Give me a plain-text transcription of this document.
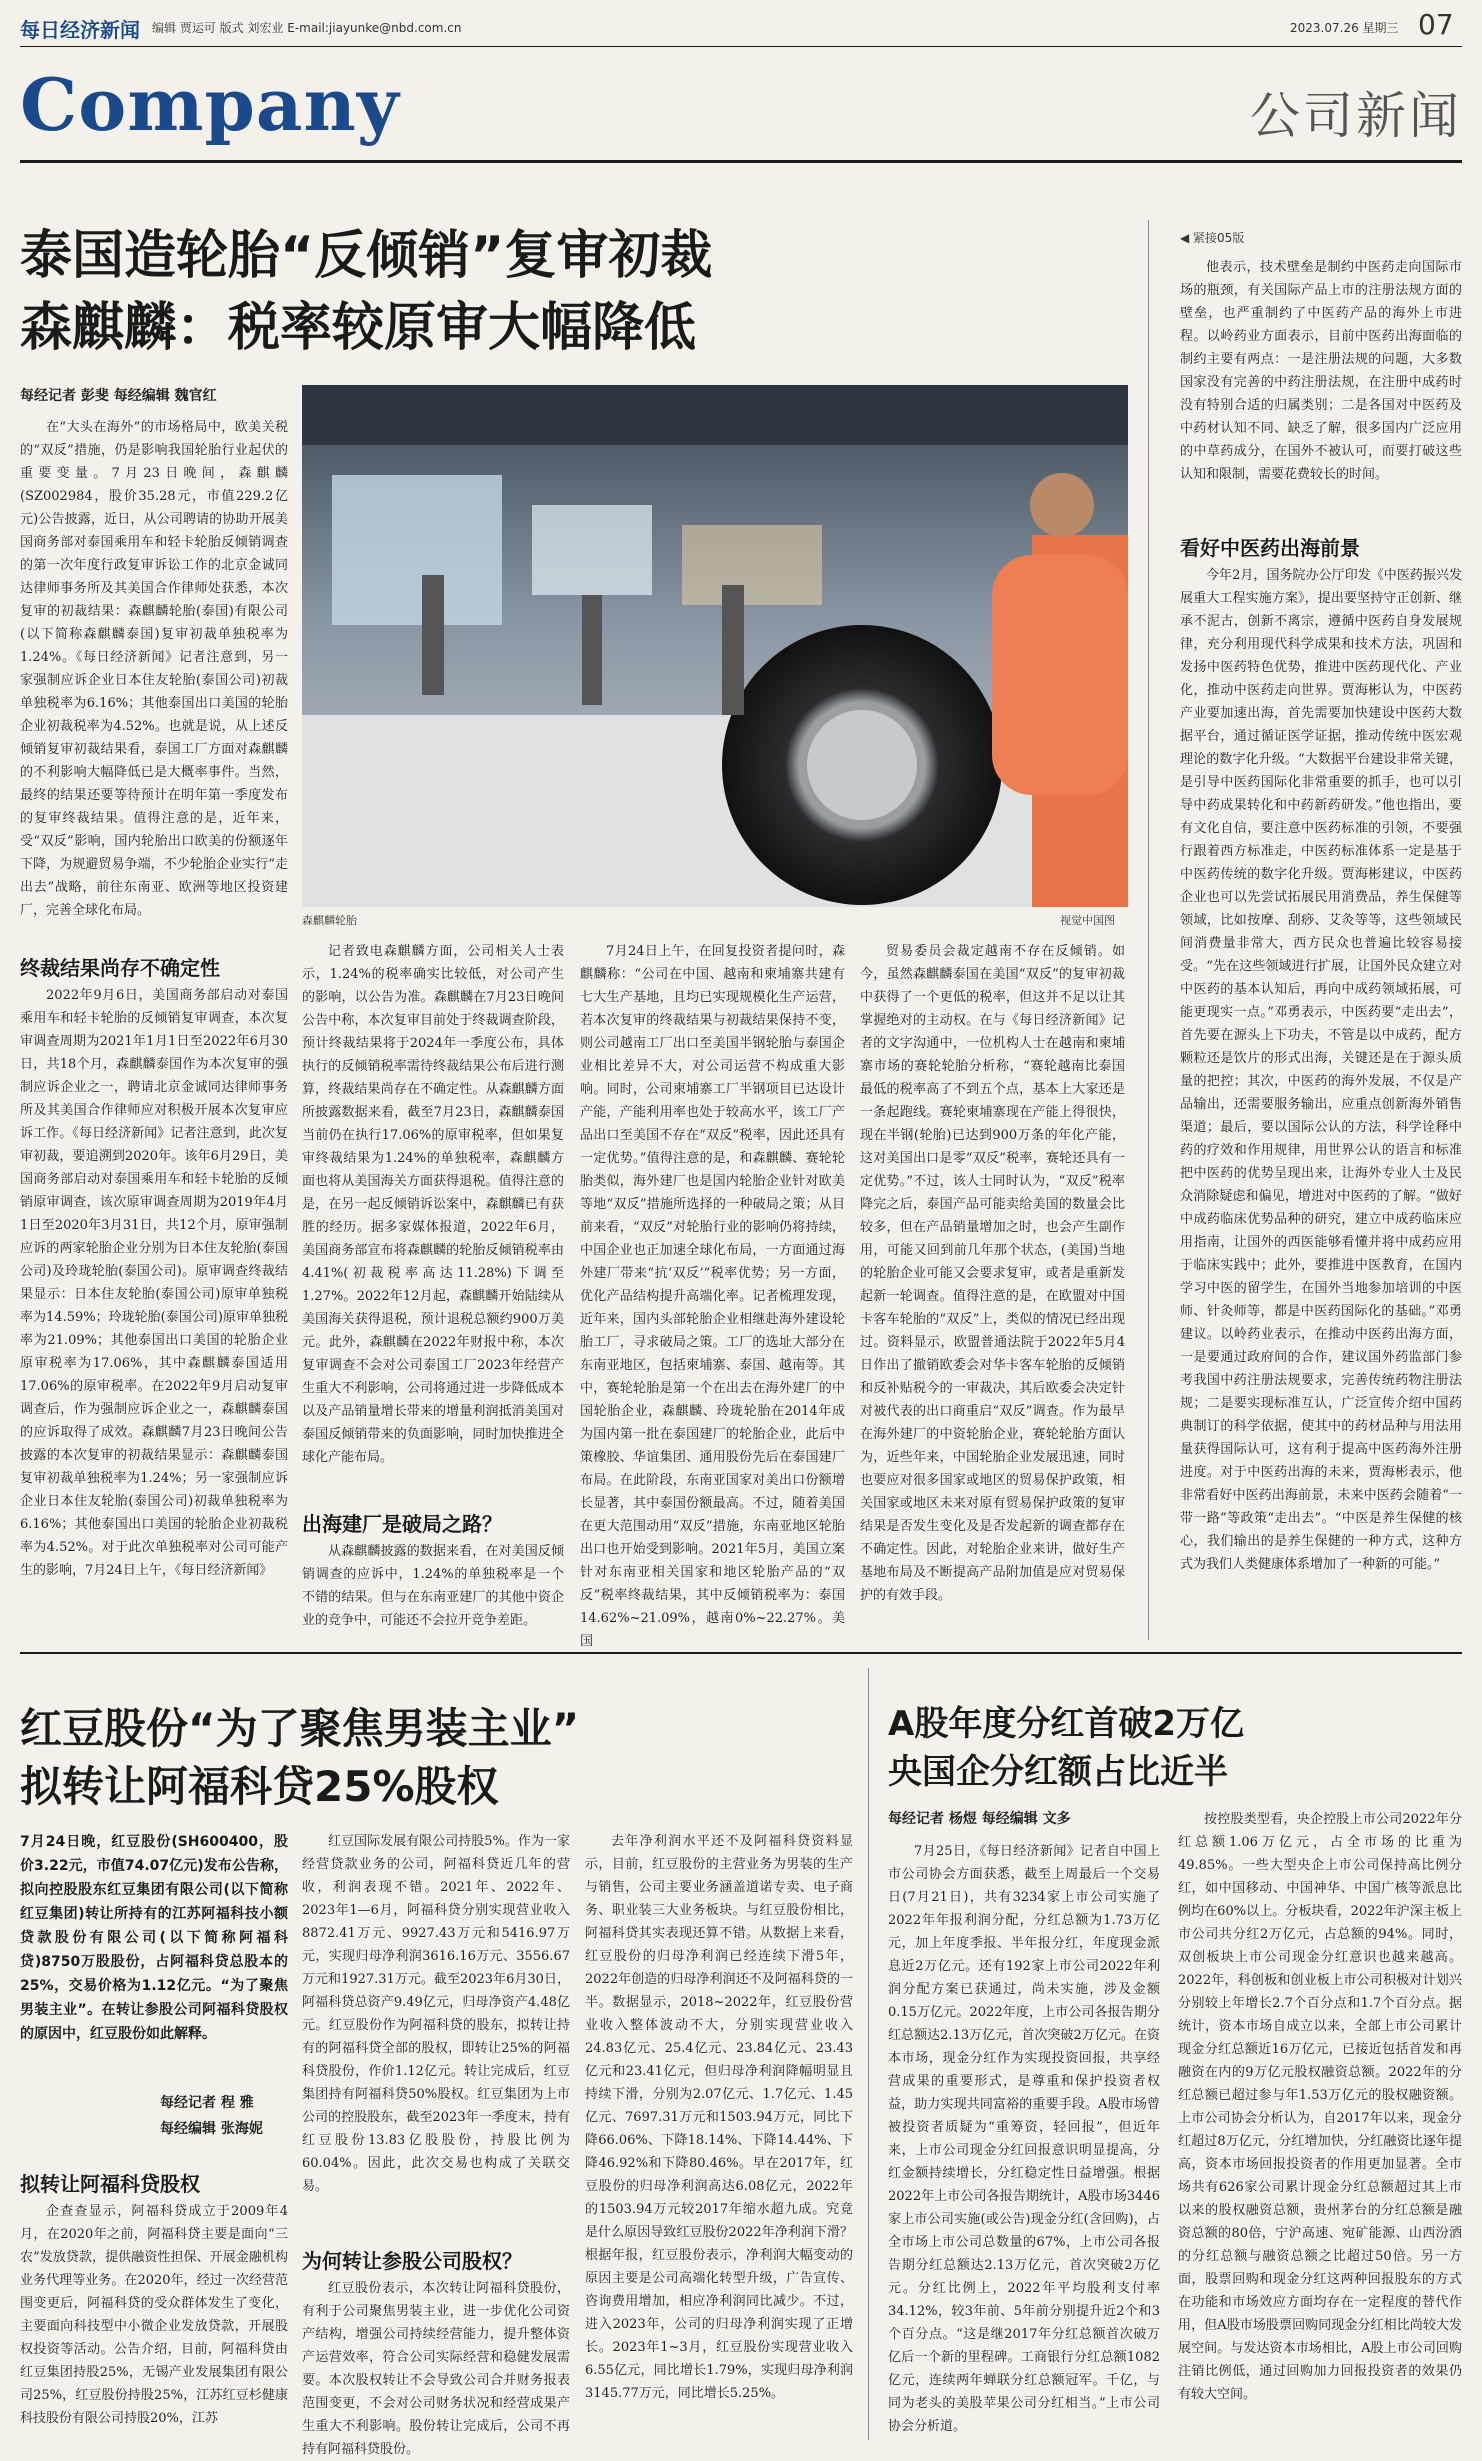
每日经济新闻 编辑 贾运可 版式 刘宏业 E-mail:jiayunke@nbd.com.cn	2023.07.26 星期三 07
Company	公司新闻
泰国造轮胎“反倾销”复审初裁
森麒麟：税率较原审大幅降低
每经记者 彭斐 每经编辑 魏官红
森麒麟轮胎	视觉中国图

在“大头在海外”的市场格局中，欧美关税的“双反”措施，仍是影响我国轮胎行业起伏的重要变量。7月23日晚间，森麒麟(SZ002984，股价35.28元，市值229.2亿元)公告披露，近日，从公司聘请的协助开展美国商务部对泰国乘用车和轻卡轮胎反倾销调查的第一次年度行政复审诉讼工作的北京金诚同达律师事务所及其美国合作律师处获悉，本次复审的初裁结果：森麒麟轮胎(泰国)有限公司(以下简称森麒麟泰国)复审初裁单独税率为1.24%。《每日经济新闻》记者注意到，另一家强制应诉企业日本住友轮胎(泰国公司)初裁单独税率为6.16%；其他泰国出口美国的轮胎企业初裁税率为4.52%。也就是说，从上述反倾销复审初裁结果看，泰国工厂方面对森麒麟的不利影响大幅降低已是大概率事件。当然，最终的结果还要等待预计在明年第一季度发布的复审终裁结果。值得注意的是，近年来，受“双反”影响，国内轮胎出口欧美的份额逐年下降，为规避贸易争端，不少轮胎企业实行“走出去”战略，前往东南亚、欧洲等地区投资建厂，完善全球化布局。

终裁结果尚存不确定性

2022年9月6日，美国商务部启动对泰国乘用车和轻卡轮胎的反倾销复审调查，本次复审调查周期为2021年1月1日至2022年6月30日，共18个月，森麒麟泰国作为本次复审的强制应诉企业之一，聘请北京金诚同达律师事务所及其美国合作律师应对积极开展本次复审应诉工作。《每日经济新闻》记者注意到，此次复审初裁，要追溯到2020年。该年6月29日，美国商务部启动对泰国乘用车和轻卡轮胎的反倾销原审调查，该次原审调查周期为2019年4月1日至2020年3月31日，共12个月，原审强制应诉的两家轮胎企业分别为日本住友轮胎(泰国公司)及玲珑轮胎(泰国公司)。原审调查终裁结果显示：日本住友轮胎(泰国公司)原审单独税率为14.59%；玲珑轮胎(泰国公司)原审单独税率为21.09%；其他泰国出口美国的轮胎企业原审税率为17.06%，其中森麒麟泰国适用17.06%的原审税率。在2022年9月启动复审调查后，作为强制应诉企业之一，森麒麟泰国的应诉取得了成效。森麒麟7月23日晚间公告披露的本次复审的初裁结果显示：森麒麟泰国复审初裁单独税率为1.24%；另一家强制应诉企业日本住友轮胎(泰国公司)初裁单独税率为6.16%；其他泰国出口美国的轮胎企业初裁税率为4.52%。对于此次单独税率对公司可能产生的影响，7月24日上午，《每日经济新闻》

记者致电森麒麟方面，公司相关人士表示，1.24%的税率确实比较低，对公司产生的影响，以公告为准。森麒麟在7月23日晚间公告中称，本次复审目前处于终裁调查阶段，预计终裁结果将于2024年一季度公布，具体执行的反倾销税率需待终裁结果公布后进行测算，终裁结果尚存在不确定性。从森麒麟方面所披露数据来看，截至7月23日，森麒麟泰国当前仍在执行17.06%的原审税率，但如果复审终裁结果为1.24%的单独税率，森麒麟方面也将从美国海关方面获得退税。值得注意的是，在另一起反倾销诉讼案中，森麒麟已有获胜的经历。据多家媒体报道，2022年6月，美国商务部宣布将森麒麟的轮胎反倾销税率由4.41%(初裁税率高达11.28%)下调至1.27%。2022年12月起，森麒麟开始陆续从美国海关获得退税，预计退税总额约900万美元。此外，森麒麟在2022年财报中称，本次复审调查不会对公司泰国工厂2023年经营产生重大不利影响，公司将通过进一步降低成本以及产品销量增长带来的增量利润抵消美国对泰国反倾销带来的负面影响，同时加快推进全球化产能布局。

出海建厂是破局之路？

从森麒麟披露的数据来看，在对美国反倾销调查的应诉中，1.24%的单独税率是一个不错的结果。但与在东南亚建厂的其他中资企业的竞争中，可能还不会拉开竞争差距。

7月24日上午，在回复投资者提问时，森麒麟称：“公司在中国、越南和柬埔寨共建有七大生产基地，且均已实现规模化生产运营，若本次复审的终裁结果与初裁结果保持不变，则公司越南工厂出口至美国半钢轮胎与泰国企业相比差异不大，对公司运营不构成重大影响。同时，公司柬埔寨工厂半钢项目已达设计产能，产能利用率也处于较高水平，该工厂产品出口至美国不存在“双反”税率，因此还具有一定优势。”值得注意的是，和森麒麟、赛轮轮胎类似，海外建厂也是国内轮胎企业针对欧美等地“双反”措施所选择的一种破局之策；从目前来看，“双反”对轮胎行业的影响仍将持续，中国企业也正加速全球化布局，一方面通过海外建厂带来“抗‘双反’”税率优势；另一方面，优化产品结构提升高端化率。记者梳理发现，近年来，国内头部轮胎企业相继赴海外建设轮胎工厂，寻求破局之策。工厂的选址大部分在东南亚地区，包括柬埔寨、泰国、越南等。其中，赛轮轮胎是第一个在出去在海外建厂的中国轮胎企业，森麒麟、玲珑轮胎在2014年成为国内第一批在泰国建厂的轮胎企业，此后中策橡胶、华谊集团、通用股份先后在泰国建厂布局。在此阶段，东南亚国家对美出口份额增长显著，其中泰国份额最高。不过，随着美国在更大范围动用“双反”措施，东南亚地区轮胎出口也开始受到影响。2021年5月，美国立案针对东南亚相关国家和地区轮胎产品的“双反”税率终裁结果，其中反倾销税率为：泰国14.62%~21.09%，越南0%~22.27%。美国

贸易委员会裁定越南不存在反倾销。如今，虽然森麒麟泰国在美国“双反”的复审初裁中获得了一个更低的税率，但这并不足以让其掌握绝对的主动权。在与《每日经济新闻》记者的文字沟通中，一位机构人士在越南和柬埔寨市场的赛轮轮胎分析称，“赛轮越南比泰国最低的税率高了不到五个点，基本上大家还是一条起跑线。赛轮柬埔寨现在产能上得很快，现在半钢(轮胎)已达到900万条的年化产能，这对美国出口是零“双反”税率，赛轮还具有一定优势。”不过，该人士同时认为，“双反”税率降完之后，泰国产品可能卖给美国的数量会比较多，但在产品销量增加之时，也会产生副作用，可能又回到前几年那个状态，(美国)当地的轮胎企业可能又会要求复审，或者是重新发起新一轮调查。值得注意的是，在欧盟对中国卡客车轮胎的“双反”上，类似的情况已经出现过。资料显示，欧盟普通法院于2022年5月4日作出了撤销欧委会对华卡客车轮胎的反倾销和反补贴税今的一审裁决，其后欧委会决定针对被代表的出口商重启“双反”调查。作为最早在海外建厂的中资轮胎企业，赛轮轮胎方面认为，近些年来，中国轮胎企业发展迅速，同时也要应对很多国家或地区的贸易保护政策，相关国家或地区未来对原有贸易保护政策的复审结果是否发生变化及是否发起新的调查都存在不确定性。因此，对轮胎企业来讲，做好生产基地布局及不断提高产品附加值是应对贸易保护的有效手段。

◀ 紧接05版

他表示，技术壁垒是制约中医药走向国际市场的瓶颈，有关国际产品上市的注册法规方面的壁垒，也严重制约了中医药产品的海外上市进程。以岭药业方面表示，目前中医药出海面临的制约主要有两点：一是注册法规的问题，大多数国家没有完善的中药注册法规，在注册中成药时没有特别合适的归属类别；二是各国对中医药及中药材认知不同、缺乏了解，很多国内广泛应用的中草药成分，在国外不被认可，而要打破这些认知和限制，需要花费较长的时间。

看好中医药出海前景

今年2月，国务院办公厅印发《中医药振兴发展重大工程实施方案》，提出要坚持守正创新、继承不泥古，创新不离宗，遵循中医药自身发展规律，充分利用现代科学成果和技术方法，巩固和发扬中医药特色优势，推进中医药现代化、产业化，推动中医药走向世界。贾海彬认为，中医药产业要加速出海，首先需要加快建设中医药大数据平台，通过循证医学证据，推动传统中医宏观理论的数字化升级。“大数据平台建设非常关键，是引导中医药国际化非常重要的抓手，也可以引导中药成果转化和中药新药研发。”他也指出，要有文化自信，要注意中医药标准的引领，不要强行跟着西方标准走，中医药标准体系一定是基于中医药传统的数字化升级。贾海彬建议，中医药企业也可以先尝试拓展民用消费品，养生保健等领域，比如按摩、刮痧、艾灸等等，这些领域民间消费量非常大，西方民众也普遍比较容易接受。“先在这些领域进行扩展，让国外民众建立对中医药的基本认知后，再向中成药领域拓展，可能更现实一点。”邓勇表示，中医药要“走出去”，首先要在源头上下功夫，不管是以中成药，配方颗粒还是饮片的形式出海，关键还是在于源头质量的把控；其次，中医药的海外发展，不仅是产品输出，还需要服务输出，应重点创新海外销售渠道；最后，要以国际公认的方法，科学诠释中药的疗效和作用规律，用世界公认的语言和标准把中医药的优势呈现出来，让海外专业人士及民众消除疑虑和偏见，增进对中医药的了解。“做好中成药临床优势品种的研究，建立中成药临床应用指南，让国外的西医能够看懂并将中成药应用于临床实践中；此外，要推进中医教育，在国内学习中医的留学生，在国外当地参加培训的中医师、针灸师等，都是中医药国际化的基础。”邓勇建议。以岭药业表示，在推动中医药出海方面，一是要通过政府间的合作，建议国外药监部门参考我国中药注册法规要求，完善传统药物注册法规；二是要实现标准互认，广泛宣传介绍中国药典制订的科学依据，使其中的药材品种与用法用量获得国际认可，这有利于提高中医药海外注册进度。对于中医药出海的未来，贾海彬表示，他非常看好中医药出海前景，未来中医药会随着“一带一路”等政策“走出去”。“中医是养生保健的核心，我们输出的是养生保健的一种方式，这种方式为我们人类健康体系增加了一种新的可能。”

红豆股份“为了聚焦男装主业”
拟转让阿福科贷25%股权
7月24日晚，红豆股份(SH600400，股价3.22元，市值74.07亿元)发布公告称，拟向控股股东红豆集团有限公司(以下简称红豆集团)转让所持有的江苏阿福科技小额贷款股份有限公司(以下简称阿福科贷)8750万股股份，占阿福科贷总股本的25%，交易价格为1.12亿元。“为了聚焦男装主业”。在转让参股公司阿福科贷股权的原因中，红豆股份如此解释。
每经记者 程 雅
每经编辑 张海妮
拟转让阿福科贷股权

企查查显示，阿福科贷成立于2009年4月，在2020年之前，阿福科贷主要是面向“三农”发放贷款，提供融资性担保、开展金融机构业务代理等业务。在2020年，经过一次经营范围变更后，阿福科贷的受众群体发生了变化，主要面向科技型中小微企业发放贷款，开展股权投资等活动。公告介绍，目前，阿福科贷由红豆集团持股25%，无锡产业发展集团有限公司25%，红豆股份持股25%，江苏红豆杉健康科技股份有限公司持股20%，江苏

红豆国际发展有限公司持股5%。作为一家经营贷款业务的公司，阿福科贷近几年的营收，利润表现不错。2021年、2022年、2023年1—6月，阿福科贷分别实现营业收入8872.41万元、9927.43万元和5416.97万元，实现归母净利润3616.16万元、3556.67万元和1927.31万元。截至2023年6月30日，阿福科贷总资产9.49亿元，归母净资产4.48亿元。红豆股份作为阿福科贷的股东，拟转让持有的阿福科贷全部的股权，即转让25%的阿福科贷股份，作价1.12亿元。转让完成后，红豆集团持有阿福科贷50%股权。红豆集团为上市公司的控股股东，截至2023年一季度末，持有红豆股份13.83亿股股份，持股比例为60.04%。因此，此次交易也构成了关联交易。

为何转让参股公司股权？

红豆股份表示，本次转让阿福科贷股份，有利于公司聚焦男装主业，进一步优化公司资产结构，增强公司持续经营能力，提升整体资产运营效率，符合公司实际经营和稳健发展需要。本次股权转让不会导致公司合并财务报表范围变更，不会对公司财务状况和经营成果产生重大不利影响。股份转让完成后，公司不再持有阿福科贷股份。

去年净利润水平还不及阿福科贷资料显示，目前，红豆股份的主营业务为男装的生产与销售，公司主要业务涵盖道诺专卖、电子商务、职业装三大业务板块。与红豆股份相比，阿福科贷其实表现还算不错。从数据上来看，红豆股份的归母净利润已经连续下滑5年，2022年创造的归母净利润还不及阿福科贷的一半。数据显示，2018~2022年，红豆股份营业收入整体波动不大，分别实现营业收入24.83亿元、25.4亿元、23.84亿元、23.43亿元和23.41亿元，但归母净利润降幅明显且持续下滑，分别为2.07亿元、1.7亿元、1.45亿元、7697.31万元和1503.94万元，同比下降66.06%、下降18.14%、下降14.44%、下降46.92%和下降80.46%。早在2017年，红豆股份的归母净利润高达6.08亿元，2022年的1503.94万元较2017年缩水超九成。究竟是什么原因导致红豆股份2022年净利润下滑？根据年报，红豆股份表示，净利润大幅变动的原因主要是公司高端化转型升级，广告宣传、咨询费用增加，相应净利润同比减少。不过，进入2023年，公司的归母净利润实现了正增长。2023年1~3月，红豆股份实现营业收入6.55亿元，同比增长1.79%，实现归母净利润3145.77万元，同比增长5.25%。

A股年度分红首破2万亿
央国企分红额占比近半
每经记者 杨煜 每经编辑 文多

7月25日，《每日经济新闻》记者自中国上市公司协会方面获悉，截至上周最后一个交易日(7月21日)，共有3234家上市公司实施了2022年年报利润分配，分红总额为1.73万亿元，加上年度季报、半年报分红，年度现金派息近2万亿元。还有192家上市公司2022年利润分配方案已获通过，尚未实施，涉及金额0.15万亿元。2022年度，上市公司各报告期分红总额达2.13万亿元，首次突破2万亿元。在资本市场，现金分红作为实现投资回报，共享经营成果的重要形式，是尊重和保护投资者权益，助力实现共同富裕的重要手段。A股市场曾被投资者质疑为“重筹资，轻回报”，但近年来，上市公司现金分红回报意识明显提高，分红金额持续增长，分红稳定性日益增强。根据2022年上市公司各报告期统计，A股市场3446家上市公司实施(或公告)现金分红(含回购)，占全市场上市公司总数量的67%，上市公司各报告期分红总额达2.13万亿元，首次突破2万亿元。分红比例上，2022年平均股利支付率34.12%，较3年前、5年前分别提升近2个和3个百分点。“这是继2017年分红总额首次破万亿后一个新的里程碑。工商银行分红总额1082亿元，连续两年蝉联分红总额冠军。千亿，与同为老头的美股苹果公司分红相当。”上市公司协会分析道。

按控股类型看，央企控股上市公司2022年分红总额1.06万亿元，占全市场的比重为49.85%。一些大型央企上市公司保持高比例分红，如中国移动、中国神华、中国广核等派息比例均在60%以上。分板块看，2022年沪深主板上市公司共分红2万亿元，占总额的94%。同时，双创板块上市公司现金分红意识也越来越高。2022年，科创板和创业板上市公司积极对计划兴分别较上年增长2.7个百分点和1.7个百分点。据统计，资本市场自成立以来，全部上市公司累计现金分红总额近16万亿元，已接近包括首发和再融资在内的9万亿元股权融资总额。2022年的分红总额已超过参与年1.53万亿元的股权融资额。上市公司协会分析认为，自2017年以来，现金分红超过8万亿元，分红增加快，分红融资比逐年提高，资本市场回报投资者的作用更加显著。全市场共有626家公司累计现金分红总额超过其上市以来的股权融资总额，贵州茅台的分红总额是融资总额的80倍，宁沪高速、宛矿能源、山西汾酒的分红总额与融资总额之比超过50倍。另一方面，股票回购和现金分红这两种回报股东的方式在功能和市场效应方面均存在一定程度的替代作用，但A股市场股票回购同现金分红相比尚较大发展空间。与发达资本市场相比，A股上市公司回购注销比例低，通过回购加力回报投资者的效果仍有较大空间。
